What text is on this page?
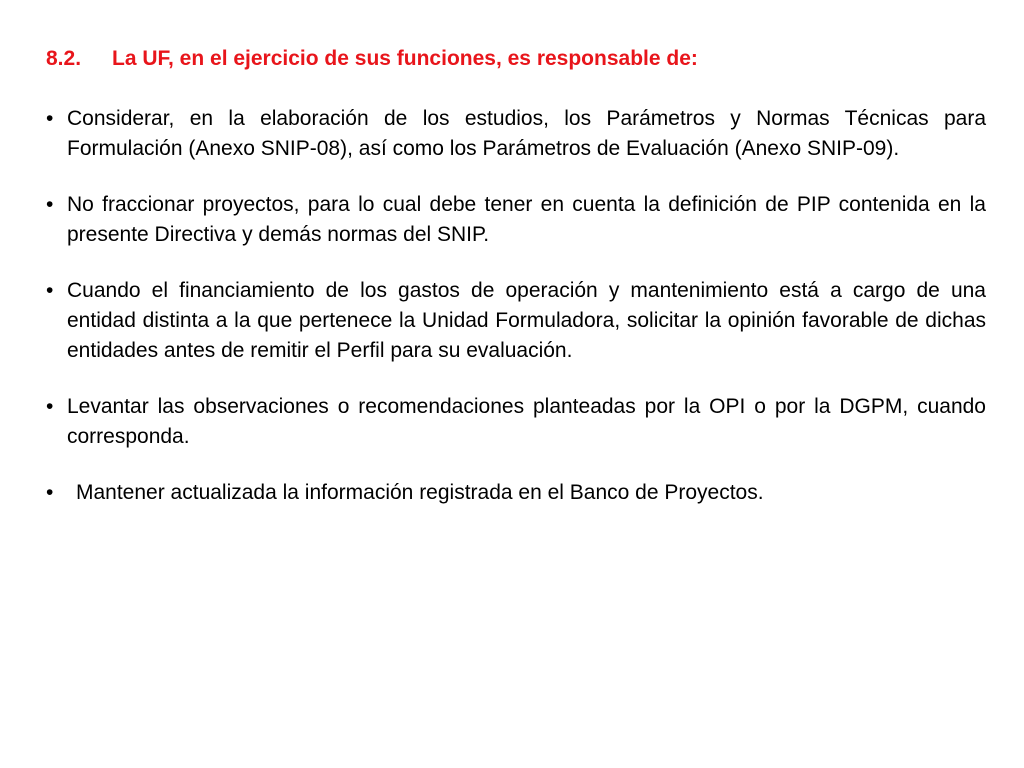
8.2. La UF, en el ejercicio de sus funciones, es responsable de:
• Considerar, en la elaboración de los estudios, los Parámetros y Normas Técnicas para Formulación (Anexo SNIP-08), así como los Parámetros de Evaluación (Anexo SNIP-09).
• No fraccionar proyectos, para lo cual debe tener en cuenta la definición de PIP contenida en la presente Directiva y demás normas del SNIP.
• Cuando el financiamiento de los gastos de operación y mantenimiento está a cargo de una entidad distinta a la que pertenece la Unidad Formuladora, solicitar la opinión favorable de dichas entidades antes de remitir el Perfil para su evaluación.
• Levantar las observaciones o recomendaciones planteadas por la OPI o por la DGPM, cuando corresponda.
• Mantener actualizada la información registrada en el Banco de Proyectos.
